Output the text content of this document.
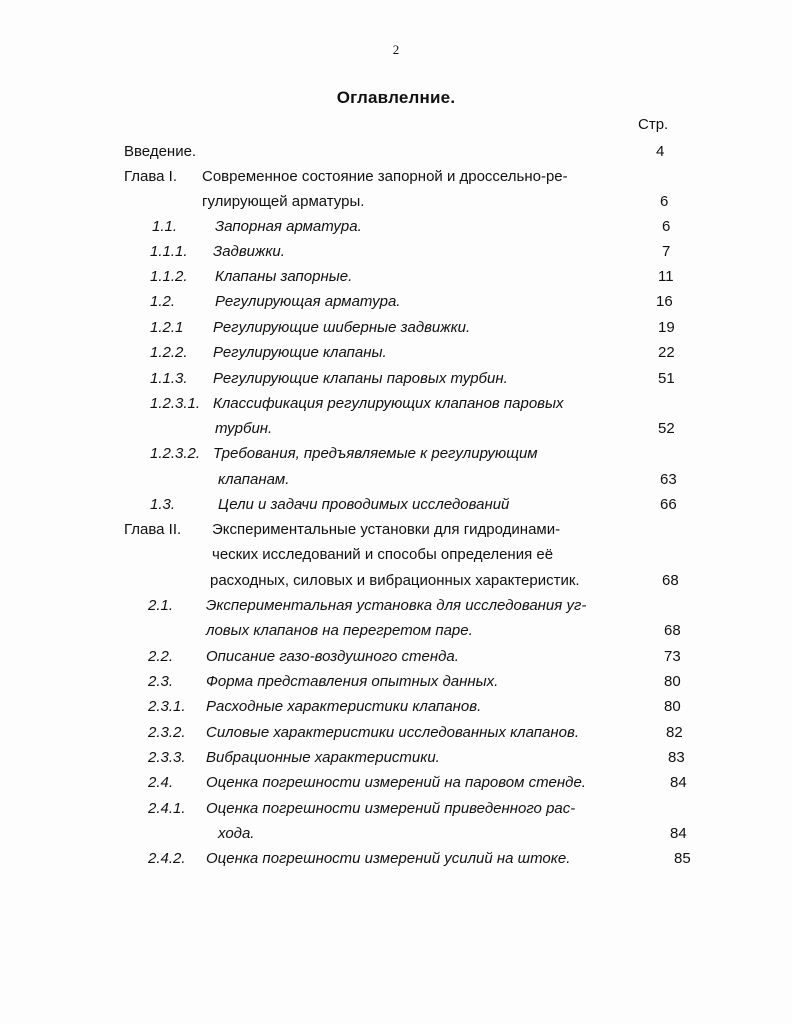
2
Оглавлелние.
Стр.
Введение.	4
Глава I. Современное состояние запорной и дроссельно-ре-
гулирующей арматуры.	6
1.1.	Запорная арматура.	6
1.1.1. Задвижки.	7
1.1.2. Клапаны запорные.	11
1.2.	Регулирующая арматура.	16
1.2.1 Регулирующие шиберные задвижки.	19
1.2.2. Регулирующие клапаны.	22
1.1.3. Регулирующие клапаны паровых турбин.	51
1.2.3.1. Классификация регулирующих клапанов паровых
турбин.	52
1.2.3.2. Требования, предъявляемые к регулирующим
клапанам.	63
1.3.	Цели и задачи проводимых исследований	66
Глава II. Экспериментальные установки для гидродинами-
ческих исследований и способы определения её
расходных, силовых и вибрационных характеристик.	68
2.1. Экспериментальная установка для исследования уг-
ловых клапанов на перегретом паре.	68
2.2. Описание газо-воздушного стенда.	73
2.3. Форма представления опытных данных.	80
2.3.1. Расходные характеристики клапанов.	80
2.3.2. Силовые характеристики исследованных клапанов.	82
2.3.3. Вибрационные характеристики.	83
2.4. Оценка погрешности измерений на паровом стенде.	84
2.4.1. Оценка погрешности измерений приведенного рас-
хода.	84
2.4.2. Оценка погрешности измерений усилий на штоке.	85
